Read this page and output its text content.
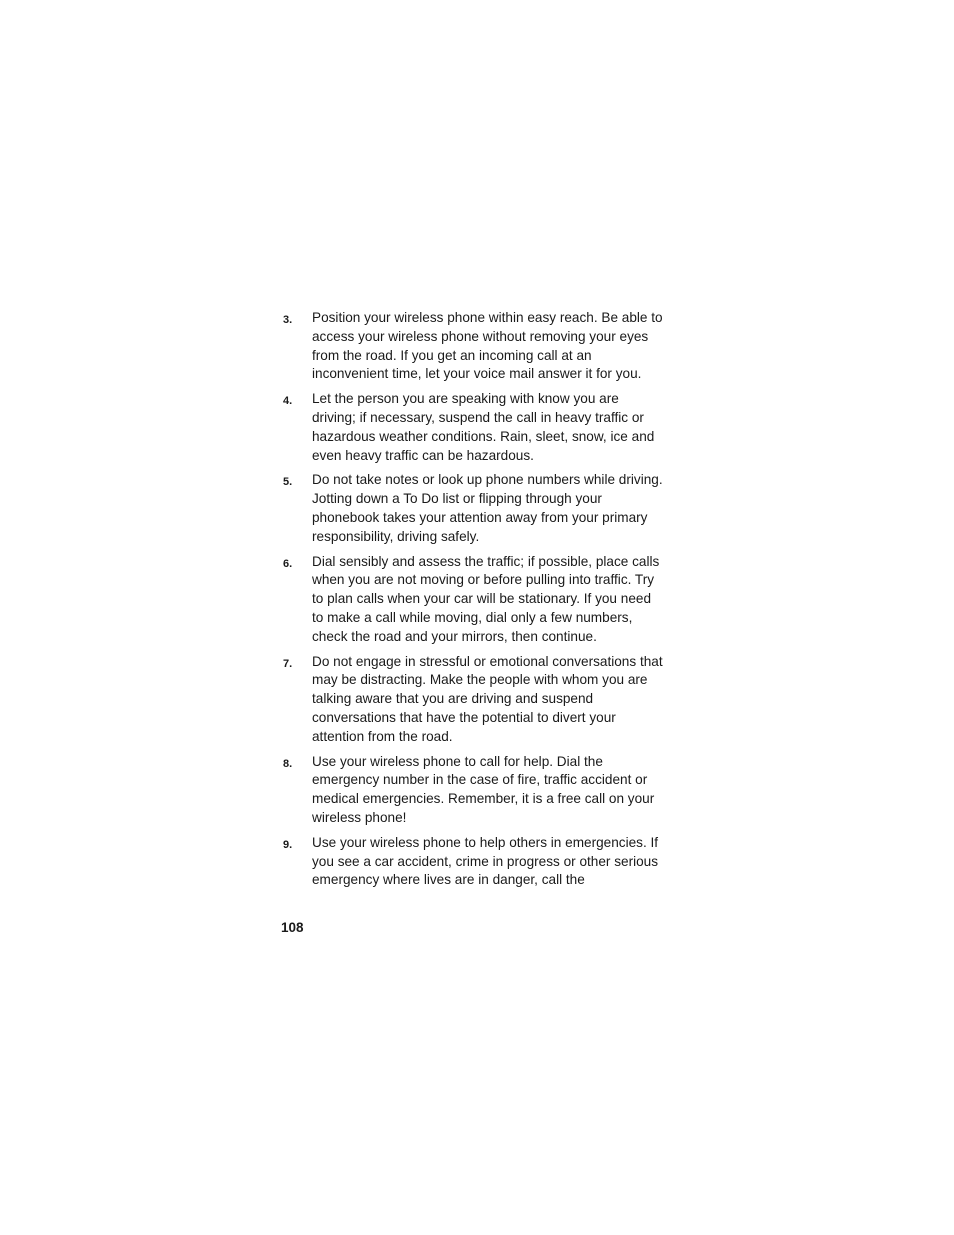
3. Position your wireless phone within easy reach. Be able to access your wireless phone without removing your eyes from the road. If you get an incoming call at an inconvenient time, let your voice mail answer it for you.
4. Let the person you are speaking with know you are driving; if necessary, suspend the call in heavy traffic or hazardous weather conditions. Rain, sleet, snow, ice and even heavy traffic can be hazardous.
5. Do not take notes or look up phone numbers while driving. Jotting down a To Do list or flipping through your phonebook takes your attention away from your primary responsibility, driving safely.
6. Dial sensibly and assess the traffic; if possible, place calls when you are not moving or before pulling into traffic. Try to plan calls when your car will be stationary. If you need to make a call while moving, dial only a few numbers, check the road and your mirrors, then continue.
7. Do not engage in stressful or emotional conversations that may be distracting. Make the people with whom you are talking aware that you are driving and suspend conversations that have the potential to divert your attention from the road.
8. Use your wireless phone to call for help. Dial the emergency number in the case of fire, traffic accident or medical emergencies. Remember, it is a free call on your wireless phone!
9. Use your wireless phone to help others in emergencies. If you see a car accident, crime in progress or other serious emergency where lives are in danger, call the
108
